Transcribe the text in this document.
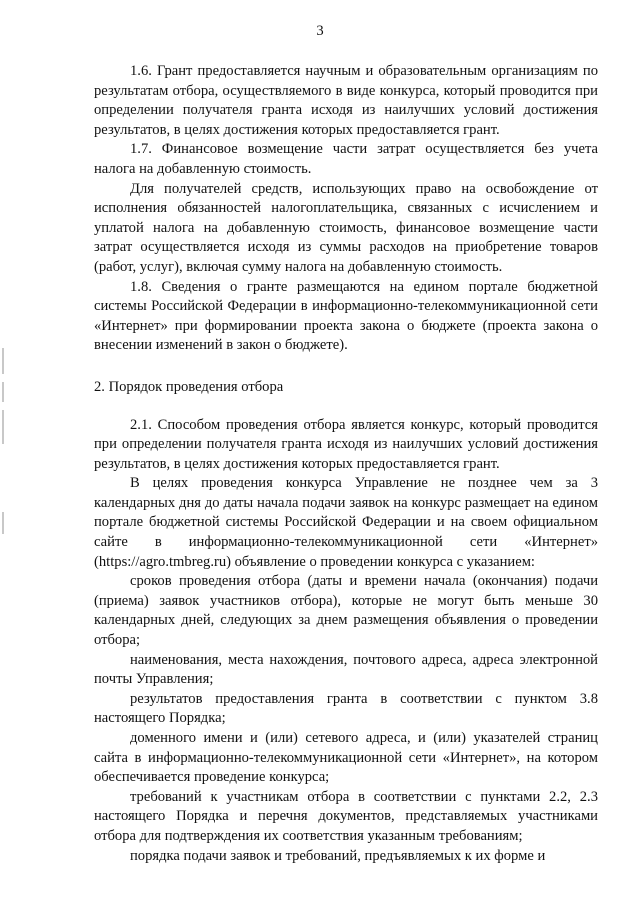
3

1.6. Грант предоставляется научным и образовательным организациям по результатам отбора, осуществляемого в виде конкурса, который проводится при определении получателя гранта исходя из наилучших условий достижения результатов, в целях достижения которых предоставляется грант.

1.7. Финансовое возмещение части затрат осуществляется без учета налога на добавленную стоимость.

Для получателей средств, использующих право на освобождение от исполнения обязанностей налогоплательщика, связанных с исчислением и уплатой налога на добавленную стоимость, финансовое возмещение части затрат осуществляется исходя из суммы расходов на приобретение товаров (работ, услуг), включая сумму налога на добавленную стоимость.

1.8. Сведения о гранте размещаются на едином портале бюджетной системы Российской Федерации в информационно-телекоммуникационной сети «Интернет» при формировании проекта закона о бюджете (проекта закона о внесении изменений в закон о бюджете).

2. Порядок проведения отбора

2.1. Способом проведения отбора является конкурс, который проводится при определении получателя гранта исходя из наилучших условий достижения результатов, в целях достижения которых предоставляется грант.

В целях проведения конкурса Управление не позднее чем за 3 календарных дня до даты начала подачи заявок на конкурс размещает на едином портале бюджетной системы Российской Федерации и на своем официальном сайте в информационно-телекоммуникационной сети «Интернет» (https://agro.tmbreg.ru) объявление о проведении конкурса с указанием:

сроков проведения отбора (даты и времени начала (окончания) подачи (приема) заявок участников отбора), которые не могут быть меньше 30 календарных дней, следующих за днем размещения объявления о проведении отбора;

наименования, места нахождения, почтового адреса, адреса электронной почты Управления;

результатов предоставления гранта в соответствии с пунктом 3.8 настоящего Порядка;

доменного имени и (или) сетевого адреса, и (или) указателей страниц сайта в информационно-телекоммуникационной сети «Интернет», на котором обеспечивается проведение конкурса;

требований к участникам отбора в соответствии с пунктами 2.2, 2.3 настоящего Порядка и перечня документов, представляемых участниками отбора для подтверждения их соответствия указанным требованиям;

порядка подачи заявок и требований, предъявляемых к их форме и
